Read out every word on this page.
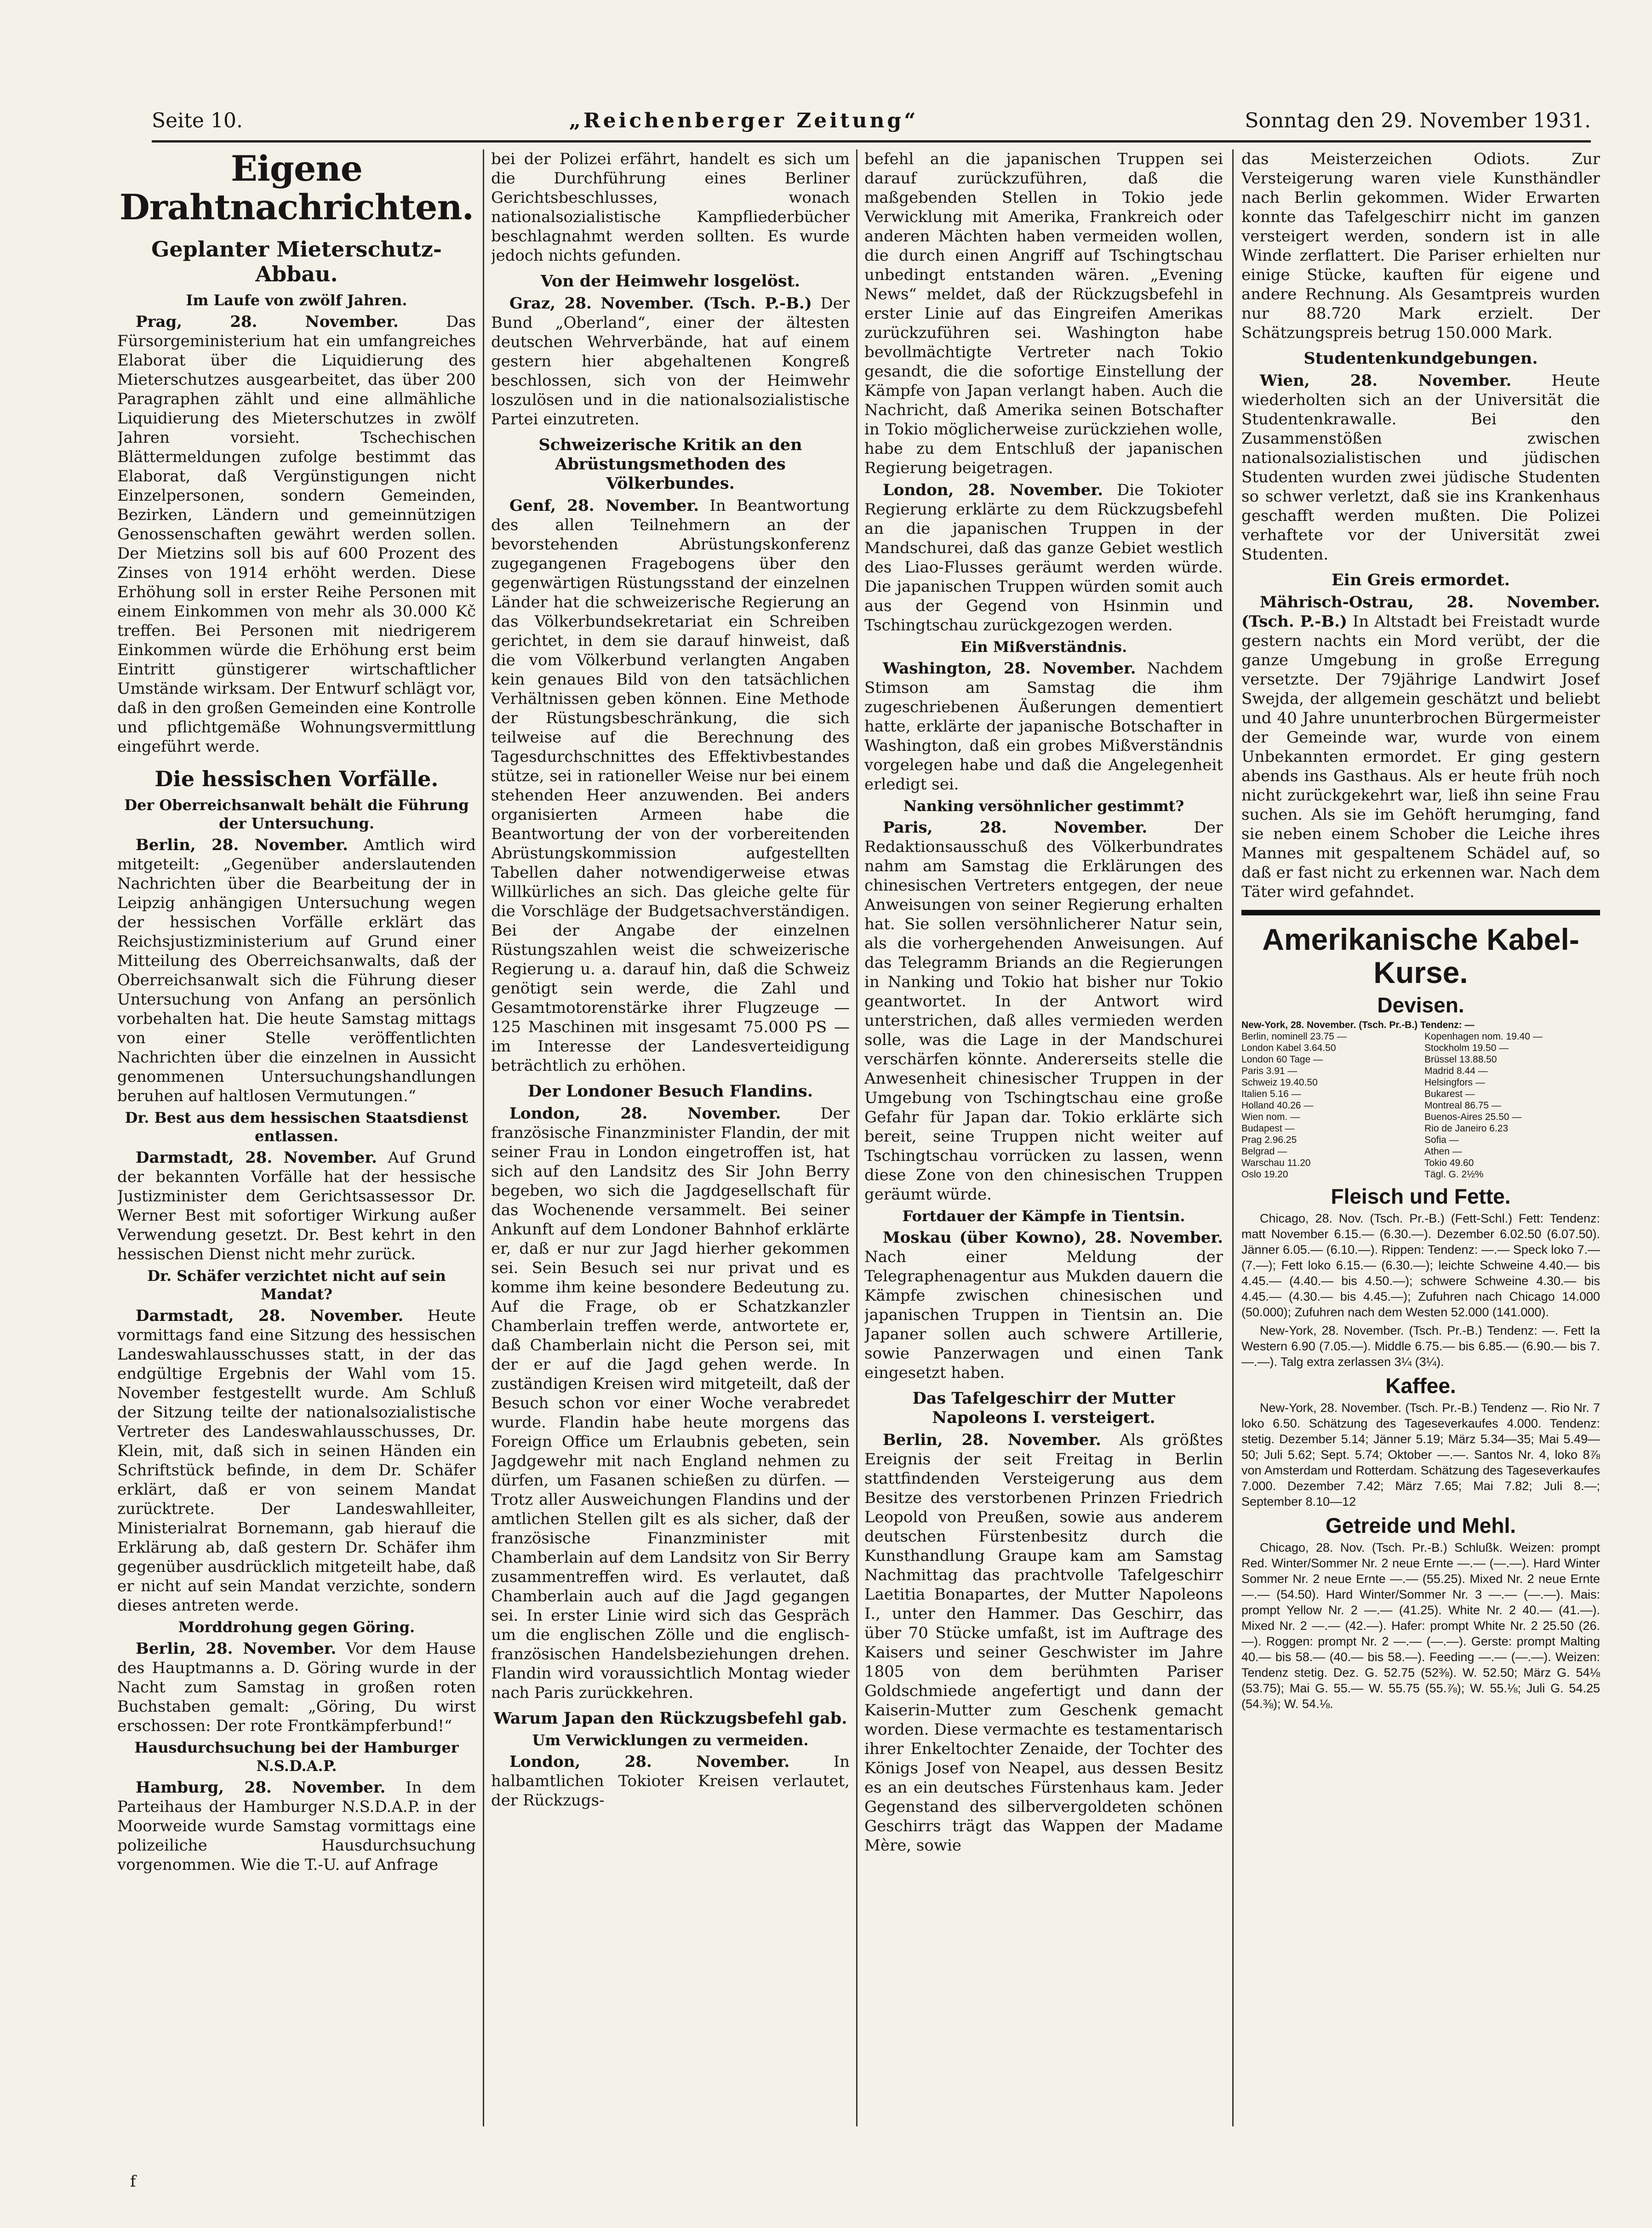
Seite 10.	„Reichenberger Zeitung“	Sonntag den 29. November 1931.
Eigene Drahtnachrichten.
Geplanter Mieterschutz-Abbau.
Im Laufe von zwölf Jahren.

Prag, 28. November.	Das Fürsorgeministerium hat ein umfangreiches Elaborat über die Liquidierung des Mieterschutzes ausgearbeitet, das über 200 Paragraphen zählt und eine allmähliche Liquidierung des Mieterschutzes in zwölf Jahren vorsieht. Tschechischen Blättermeldungen zufolge bestimmt das Elaborat, daß Vergünstigungen nicht Einzelpersonen, sondern Gemeinden, Bezirken, Ländern und gemeinnützigen Genossenschaften gewährt werden sollen. Der Mietzins soll bis auf 600 Prozent des Zinses von 1914 erhöht werden. Diese Erhöhung soll in erster Reihe Personen mit einem Einkommen von mehr als 30.000 Kč treffen. Bei Personen mit niedrigerem Einkommen würde die Erhöhung erst beim Eintritt günstigerer wirtschaftlicher Umstände wirksam. Der Entwurf schlägt vor, daß in den großen Gemeinden eine Kontrolle und pflichtgemäße Wohnungsvermittlung eingeführt werde.

Die hessischen Vorfälle.
Der Oberreichsanwalt behält die Führung der Untersuchung.

Berlin, 28. November. Amtlich wird mitgeteilt: „Gegenüber anderslautenden Nachrichten über die Bearbeitung der in Leipzig anhängigen Untersuchung wegen der hessischen Vorfälle erklärt das Reichsjustizministerium auf Grund einer Mitteilung des Oberreichsanwalts, daß der Oberreichsanwalt sich die Führung dieser Untersuchung von Anfang an persönlich vorbehalten hat. Die heute Samstag mittags von einer Stelle veröffentlichten Nachrichten über die einzelnen in Aussicht genommenen Untersuchungshandlungen beruhen auf haltlosen Vermutungen.“

Dr. Best aus dem hessischen Staatsdienst entlassen.

Darmstadt, 28. November. Auf Grund der bekannten Vorfälle hat der hessische Justizminister dem Gerichtsassessor Dr. Werner Best mit sofortiger Wirkung außer Verwendung gesetzt. Dr. Best kehrt in den hessischen Dienst nicht mehr zurück.

Dr. Schäfer verzichtet nicht auf sein Mandat?

Darmstadt, 28. November. Heute vormittags fand eine Sitzung des hessischen Landeswahlausschusses statt, in der das endgültige Ergebnis der Wahl vom 15. November festgestellt wurde. Am Schluß der Sitzung teilte der nationalsozialistische Vertreter des Landeswahlausschusses, Dr. Klein, mit, daß sich in seinen Händen ein Schriftstück befinde, in dem Dr. Schäfer erklärt, daß er von seinem Mandat zurücktrete. Der Landeswahlleiter, Ministerialrat Bornemann, gab hierauf die Erklärung ab, daß gestern Dr. Schäfer ihm gegenüber ausdrücklich mitgeteilt habe, daß er nicht auf sein Mandat verzichte, sondern dieses antreten werde.

Morddrohung gegen Göring.

Berlin, 28. November. Vor dem Hause des Hauptmanns a. D. Göring wurde in der Nacht zum Samstag in großen roten Buchstaben gemalt: „Göring, Du wirst erschossen: Der rote Frontkämpferbund!“

Hausdurchsuchung bei der Hamburger N.S.D.A.P.

Hamburg, 28. November. In dem Parteihaus der Hamburger N.S.D.A.P. in der Moorweide wurde Samstag vormittags eine polizeiliche Hausdurchsuchung vorgenommen. Wie die T.-U. auf Anfrage

bei der Polizei erfährt, handelt es sich um die Durchführung eines Berliner Gerichtsbeschlusses, wonach nationalsozialistische Kampfliederbücher beschlagnahmt werden sollten. Es wurde jedoch nichts gefunden.

Von der Heimwehr losgelöst.

Graz, 28. November. (Tsch. P.-B.) Der Bund „Oberland“, einer der ältesten deutschen Wehrverbände, hat auf einem gestern hier abgehaltenen Kongreß beschlossen, sich von der Heimwehr loszulösen und in die nationalsozialistische Partei einzutreten.

Schweizerische Kritik an den Abrüstungsmethoden des Völkerbundes.

Genf, 28. November. In Beantwortung des allen Teilnehmern an der bevorstehenden Abrüstungskonferenz zugegangenen Fragebogens über den gegenwärtigen Rüstungsstand der einzelnen Länder hat die schweizerische Regierung an das Völkerbundsekretariat ein Schreiben gerichtet, in dem sie darauf hinweist, daß die vom Völkerbund verlangten Angaben kein genaues Bild von den tatsächlichen Verhältnissen geben können. Eine Methode der Rüstungsbeschränkung, die sich teilweise auf die Berechnung des Tagesdurchschnittes des Effektivbestandes stütze, sei in rationeller Weise nur bei einem stehenden Heer anzuwenden. Bei anders organisierten Armeen habe die Beantwortung der von der vorbereitenden Abrüstungskommission aufgestellten Tabellen daher notwendigerweise etwas Willkürliches an sich. Das gleiche gelte für die Vorschläge der Budgetsachverständigen. Bei der Angabe der einzelnen Rüstungszahlen weist die schweizerische Regierung u. a. darauf hin, daß die Schweiz genötigt sein werde, die Zahl und Gesamtmotorenstärke ihrer Flugzeuge — 125 Maschinen mit insgesamt 75.000 PS — im Interesse der Landesverteidigung beträchtlich zu erhöhen.

Der Londoner Besuch Flandins.

London, 28. November.	Der französische Finanzminister Flandin, der mit seiner Frau in London eingetroffen ist, hat sich auf den Landsitz des Sir John Berry begeben, wo sich die Jagdgesellschaft für das Wochenende versammelt. Bei seiner Ankunft auf dem Londoner Bahnhof erklärte er, daß er nur zur Jagd hierher gekommen sei. Sein Besuch sei nur privat und es komme ihm keine besondere Bedeutung zu. Auf die Frage, ob er Schatzkanzler Chamberlain treffen werde, antwortete er, daß Chamberlain nicht die Person sei, mit der er auf die Jagd gehen werde. In zuständigen Kreisen wird mitgeteilt, daß der Besuch schon vor einer Woche verabredet wurde. Flandin habe heute morgens das Foreign Office um Erlaubnis gebeten, sein Jagdgewehr mit nach England nehmen zu dürfen, um Fasanen schießen zu dürfen. — Trotz aller Ausweichungen Flandins und der amtlichen Stellen gilt es als sicher, daß der französische Finanzminister mit Chamberlain auf dem Landsitz von Sir Berry zusammentreffen wird. Es verlautet, daß Chamberlain auch auf die Jagd gegangen sei. In erster Linie wird sich das Gespräch um die englischen Zölle und die englisch-französischen Handelsbeziehungen drehen. Flandin wird voraussichtlich Montag wieder nach Paris zurückkehren.

Warum Japan den Rückzugsbefehl gab.
Um Verwicklungen zu vermeiden.

London, 28. November.	In halbamtlichen Tokioter Kreisen verlautet, der Rückzugs-

befehl an die japanischen Truppen sei darauf zurückzuführen, daß die maßgebenden Stellen in Tokio jede Verwicklung mit Amerika, Frankreich oder anderen Mächten haben vermeiden wollen, die durch einen Angriff auf Tschingtschau unbedingt entstanden wären. „Evening News“ meldet, daß der Rückzugsbefehl in erster Linie auf das Eingreifen Amerikas zurückzuführen sei. Washington habe bevollmächtigte Vertreter nach Tokio gesandt, die die sofortige Einstellung der Kämpfe von Japan verlangt haben. Auch die Nachricht, daß Amerika seinen Botschafter in Tokio möglicherweise zurückziehen wolle, habe zu dem Entschluß der japanischen Regierung beigetragen.

London, 28. November. Die Tokioter Regierung erklärte zu dem Rückzugsbefehl an die japanischen Truppen in der Mandschurei, daß das ganze Gebiet westlich des Liao-Flusses geräumt werden würde. Die japanischen Truppen würden somit auch aus der Gegend von Hsinmin und Tschingtschau zurückgezogen werden.

Ein Mißverständnis.

Washington, 28. November. Nachdem Stimson am Samstag die ihm zugeschriebenen Äußerungen dementiert hatte, erklärte der japanische Botschafter in Washington, daß ein grobes Mißverständnis vorgelegen habe und daß die Angelegenheit erledigt sei.

Nanking versöhnlicher gestimmt?

Paris, 28. November.	Der Redaktionsausschuß des Völkerbundrates nahm am Samstag die Erklärungen des chinesischen Vertreters entgegen, der neue Anweisungen von seiner Regierung erhalten hat. Sie sollen versöhnlicherer Natur sein, als die vorhergehenden Anweisungen. Auf das Telegramm Briands an die Regierungen in Nanking und Tokio hat bisher nur Tokio geantwortet. In der Antwort wird unterstrichen, daß alles vermieden werden solle, was die Lage in der Mandschurei verschärfen könnte. Andererseits stelle die Anwesenheit chinesischer Truppen in der Umgebung von Tschingtschau eine große Gefahr für Japan dar. Tokio erklärte sich bereit, seine Truppen nicht weiter auf Tschingtschau vorrücken zu lassen, wenn diese Zone von den chinesischen Truppen geräumt würde.

Fortdauer der Kämpfe in Tientsin.

Moskau (über Kowno), 28. November. Nach einer Meldung der Telegraphenagentur aus Mukden dauern die Kämpfe zwischen chinesischen und japanischen Truppen in Tientsin an. Die Japaner sollen auch schwere Artillerie, sowie Panzerwagen und einen Tank eingesetzt haben.

Das Tafelgeschirr der Mutter Napoleons I. versteigert.

Berlin, 28. November. Als größtes Ereignis der seit Freitag in Berlin stattfindenden Versteigerung aus dem Besitze des verstorbenen Prinzen Friedrich Leopold von Preußen, sowie aus anderem deutschen Fürstenbesitz durch die Kunsthandlung Graupe kam am Samstag Nachmittag das prachtvolle Tafelgeschirr Laetitia Bonapartes, der Mutter Napoleons I., unter den Hammer. Das Geschirr, das über 70 Stücke umfaßt, ist im Auftrage des Kaisers und seiner Geschwister im Jahre 1805 von dem berühmten Pariser Goldschmiede angefertigt und dann der Kaiserin-Mutter zum Geschenk gemacht worden. Diese vermachte es testamentarisch ihrer Enkeltochter Zenaide, der Tochter des Königs Josef von Neapel, aus dessen Besitz es an ein deutsches Fürstenhaus kam. Jeder Gegenstand des silbervergoldeten schönen Geschirrs trägt das Wappen der Madame Mère, sowie

das Meisterzeichen Odiots. Zur Versteigerung waren viele Kunsthändler nach Berlin gekommen. Wider Erwarten konnte das Tafelgeschirr nicht im ganzen versteigert werden, sondern ist in alle Winde zerflattert. Die Pariser erhielten nur einige Stücke, kauften für eigene und andere Rechnung. Als Gesamtpreis wurden nur 88.720 Mark erzielt. Der Schätzungspreis betrug 150.000 Mark.

Studentenkundgebungen.

Wien, 28. November.	Heute wiederholten sich an der Universität die Studentenkrawalle. Bei den Zusammenstößen zwischen nationalsozialistischen und jüdischen Studenten wurden zwei jüdische Studenten so schwer verletzt, daß sie ins Krankenhaus geschafft werden mußten. Die Polizei verhaftete vor der Universität zwei Studenten.

Ein Greis ermordet.

Mährisch-Ostrau, 28. November. (Tsch. P.-B.) In Altstadt bei Freistadt wurde gestern nachts ein Mord verübt, der die ganze Umgebung in große Erregung versetzte. Der 79jährige Landwirt Josef Swejda, der allgemein geschätzt und beliebt und 40 Jahre ununterbrochen Bürgermeister der Gemeinde war, wurde von einem Unbekannten ermordet. Er ging gestern abends ins Gasthaus. Als er heute früh noch nicht zurückgekehrt war, ließ ihn seine Frau suchen. Als sie im Gehöft herumging, fand sie neben einem Schober die Leiche ihres Mannes mit gespaltenem Schädel auf, so daß er fast nicht zu erkennen war. Nach dem Täter wird gefahndet.

Amerikanische Kabel-Kurse.
Devisen.
New-York, 28. November. (Tsch. Pr.-B.) Tendenz: —
Berlin, nominell 23.75 —	Kopenhagen nom. 19.40 —
London Kabel 3.64.50	Stockholm 19.50 —
London 60 Tage —	Brüssel 13.88.50
Paris 3.91 —	Madrid 8.44 —
Schweiz 19.40.50	Helsingfors —
Italien 5.16 —	Bukarest —
Holland 40.26 —	Montreal 86.75 —
Wien nom. —	Buenos-Aires 25.50 —
Budapest —	Rio de Janeiro 6.23
Prag 2.96.25	Sofia —
Belgrad —	Athen —
Warschau 11.20	Tokio 49.60
Oslo 19.20	Tägl. G. 2½%
Fleisch und Fette.

Chicago, 28. Nov. (Tsch. Pr.-B.) (Fett-Schl.) Fett: Tendenz: matt November 6.15.— (6.30.—). Dezember 6.02.50 (6.07.50). Jänner 6.05.— (6.10.—). Rippen: Tendenz: —.— Speck loko 7.— (7.—); Fett loko 6.15.— (6.30.—); leichte Schweine 4.40.— bis 4.45.— (4.40.— bis 4.50.—); schwere Schweine 4.30.— bis 4.45.— (4.30.— bis 4.45.—); Zufuhren nach Chicago 14.000 (50.000); Zufuhren nach dem Westen 52.000 (141.000).

New-York, 28. November. (Tsch. Pr.-B.) Tendenz: —. Fett Ia Western 6.90 (7.05.—). Middle 6.75.— bis 6.85.— (6.90.— bis 7.—.—). Talg extra zerlassen 3¼ (3¼).

Kaffee.

New-York, 28. November. (Tsch. Pr.-B.) Tendenz —. Rio Nr. 7 loko 6.50. Schätzung des Tageseverkaufes 4.000. Tendenz: stetig. Dezember 5.14; Jänner 5.19; März 5.34—35; Mai 5.49—50; Juli 5.62; Sept. 5.74; Oktober —.—. Santos Nr. 4, loko 8⅞ von Amsterdam und Rotterdam. Schätzung des Tageseverkaufes 7.000. Dezember 7.42; März 7.65; Mai 7.82; Juli 8.—; September 8.10—12

Getreide und Mehl.

Chicago, 28. Nov. (Tsch. Pr.-B.) Schlußk. Weizen: prompt Red. Winter/Sommer Nr. 2 neue Ernte —.— (—.—). Hard Winter Sommer Nr. 2 neue Ernte —.— (55.25). Mixed Nr. 2 neue Ernte —.— (54.50). Hard Winter/Sommer Nr. 3 —.— (—.—). Mais: prompt Yellow Nr. 2 —.— (41.25). White Nr. 2 40.— (41.—). Mixed Nr. 2 —.— (42.—). Hafer: prompt White Nr. 2 25.50 (26.—). Roggen: prompt Nr. 2 —.— (—.—). Gerste: prompt Malting 40.— bis 58.— (40.— bis 58.—). Feeding —.— (—.—). Weizen: Tendenz stetig. Dez. G. 52.75 (52⅜). W. 52.50; März G. 54⅛ (53.75); Mai G. 55.— W. 55.75 (55.⅞); W. 55.⅛; Juli G. 54.25 (54.⅜); W. 54.⅛.

f
